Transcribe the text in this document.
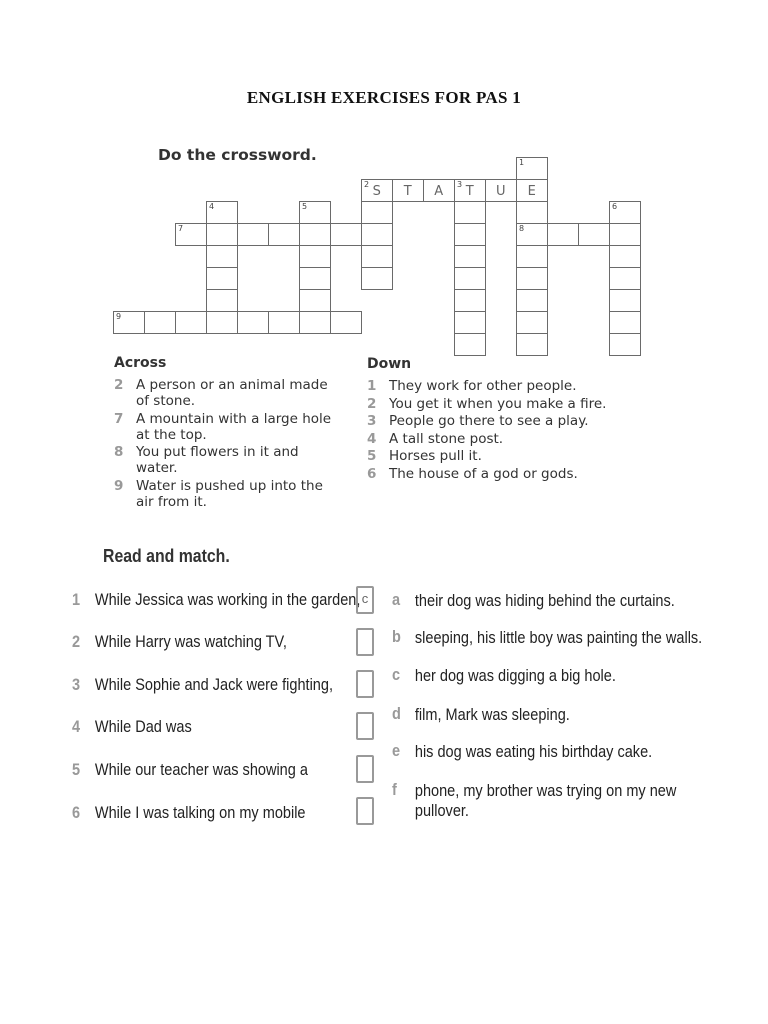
ENGLISH EXERCISES FOR PAS 1
Do the crossword.
2 S	T	A	3 T	U	E
1
8
4	5	6
7
9
Across
2 A person or an animal made of stone.
7 A mountain with a large hole at the top.
8 You put flowers in it and water.
9 Water is pushed up into the air from it.
Down
1 They work for other people.
2 You get it when you make a fire.
3 People go there to see a play.
4 A tall stone post.
5 Horses pull it.
6 The house of a god or gods.
Read and match.
1 While Jessica was working in the garden,
2 While Harry was watching TV,
3 While Sophie and Jack were fighting,
4 While Dad was
5 While our teacher was showing a
6 While I was talking on my mobile
c	a their dog was hiding behind the curtains.
b sleeping, his little boy was painting the walls.
c her dog was digging a big hole.
d film, Mark was sleeping.
e his dog was eating his birthday cake.
f	phone, my brother was trying on my new pullover.
